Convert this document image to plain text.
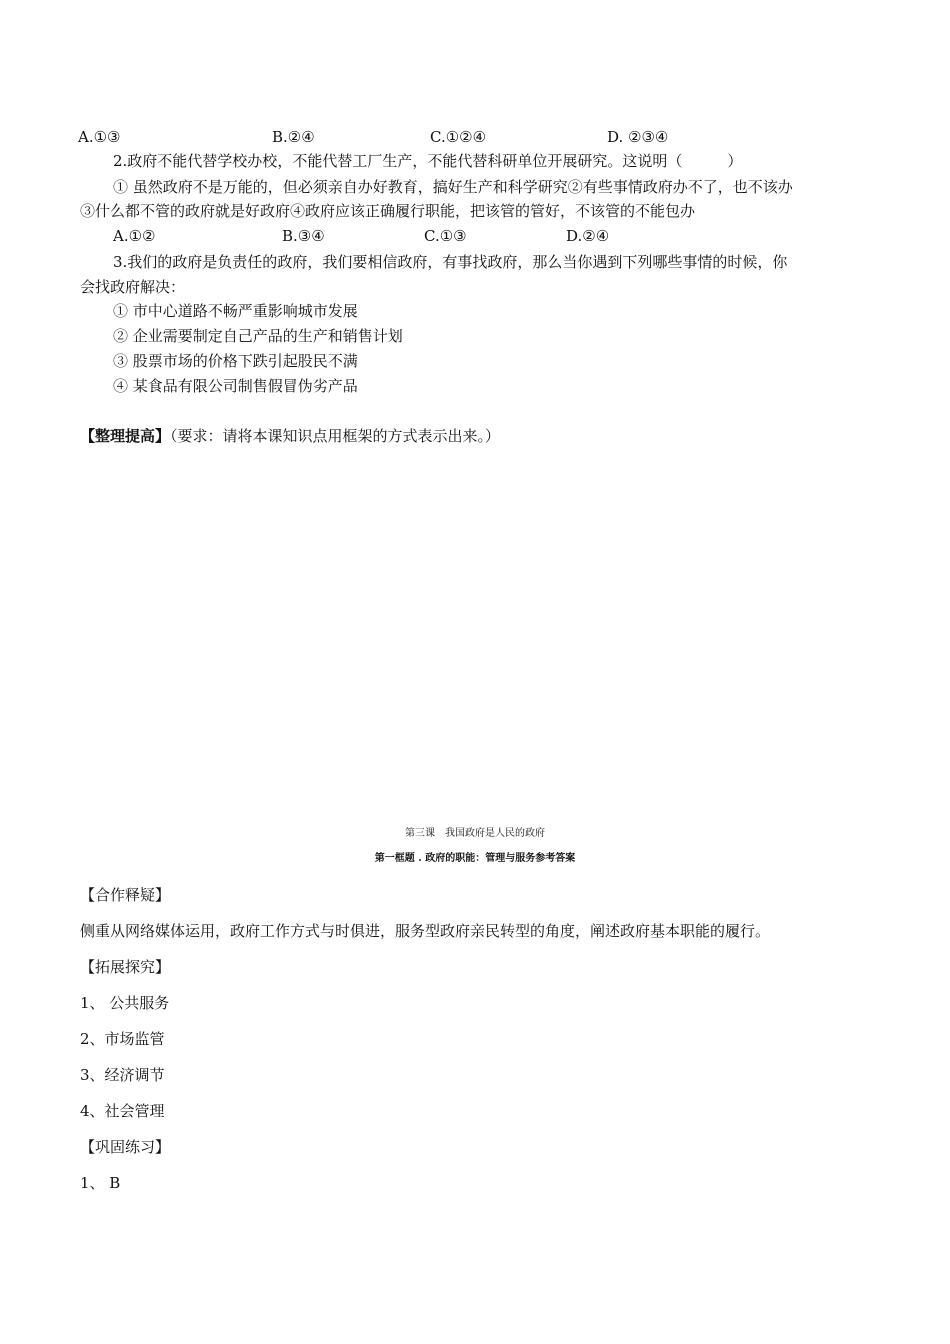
A.①③	B.②④	C.①②④	D. ②③④
2.政府不能代替学校办校，不能代替工厂生产，不能代替科研单位开展研究。这说明（　　　）
① 虽然政府不是万能的，但必须亲自办好教育，搞好生产和科学研究②有些事情政府办不了，也不该办
③什么都不管的政府就是好政府④政府应该正确履行职能，把该管的管好，不该管的不能包办
A.①②	B.③④	C.①③	D.②④
3.我们的政府是负责任的政府，我们要相信政府，有事找政府，那么当你遇到下列哪些事情的时候，你
会找政府解决：
① 市中心道路不畅严重影响城市发展
② 企业需要制定自己产品的生产和销售计划
③ 股票市场的价格下跌引起股民不满
④ 某食品有限公司制售假冒伪劣产品
【整理提高】（要求：请将本课知识点用框架的方式表示出来。）
第三课　我国政府是人民的政府
第一框题 . 政府的职能：管理与服务参考答案
【合作释疑】
侧重从网络媒体运用，政府工作方式与时俱进，服务型政府亲民转型的角度，阐述政府基本职能的履行。
【拓展探究】
1、 公共服务
2、市场监管
3、经济调节
4、社会管理
【巩固练习】
1、 B
